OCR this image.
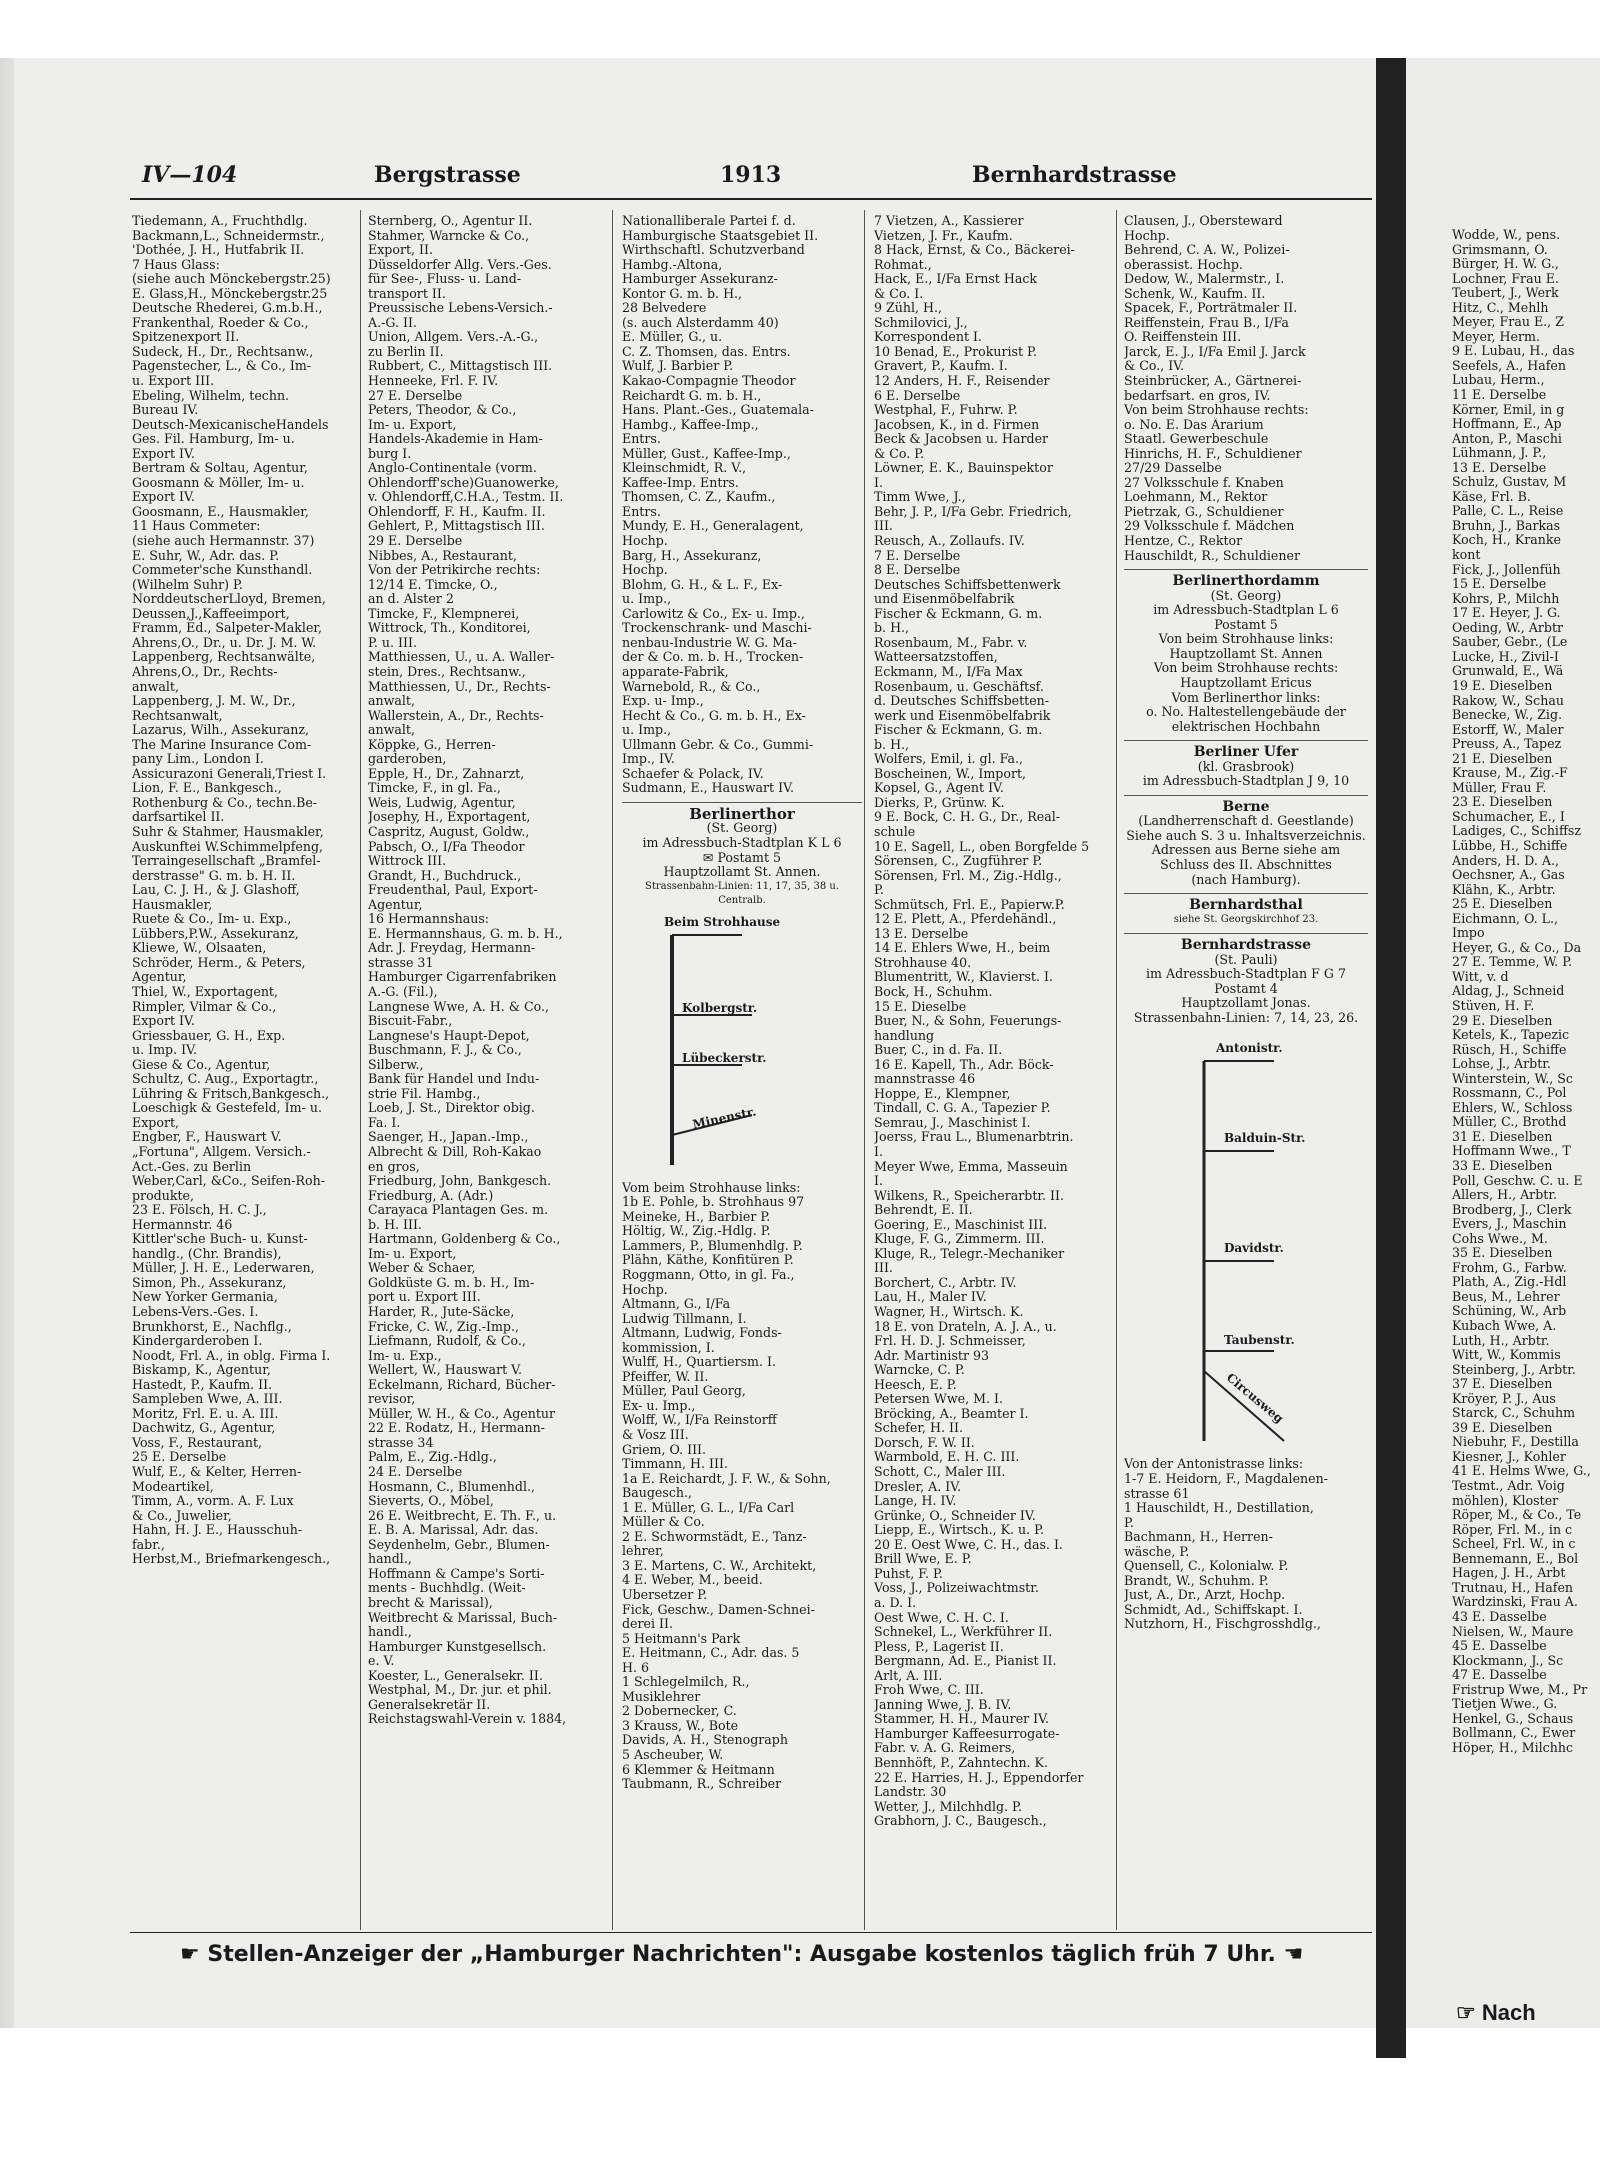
Wodde, W., pens.
Grimsmann, O.
Bürger, H. W. G.,
Lochner, Frau E.
Teubert, J., Werk
Hitz, C., Mehlh
Meyer, Frau E., Z
Meyer, Herm.
9 E. Lubau, H., das
Seefels, A., Hafen
Lubau, Herm.,
11 E. Derselbe
Körner, Emil, in g
Hoffmann, E., Ap
Anton, P., Maschi
Lühmann, J. P.,
13 E. Derselbe
Schulz, Gustav, M
Käse, Frl. B.
Palle, C. L., Reise
Bruhn, J., Barkas
Koch, H., Kranke
kont
Fick, J., Jollenfüh
15 E. Derselbe
Kohrs, P., Milchh
17 E. Heyer, J. G.
Oeding, W., Arbtr
Sauber, Gebr., (Le
Lucke, H., Zivil-I
Grunwald, E., Wä
19 E. Dieselben
Rakow, W., Schau
Benecke, W., Zig.
Estorff, W., Maler
Preuss, A., Tapez
21 E. Dieselben
Krause, M., Zig.-F
Müller, Frau F.
23 E. Dieselben
Schumacher, E., I
Ladiges, C., Schiffsz
Lübbe, H., Schiffe
Anders, H. D. A.,
Oechsner, A., Gas
Klähn, K., Arbtr.
25 E. Dieselben
Eichmann, O. L.,
Impo
Heyer, G., & Co., Da
27 E. Temme, W. P.
Witt, v. d
Aldag, J., Schneid
Stüven, H. F.
29 E. Dieselben
Ketels, K., Tapezic
Rüsch, H., Schiffe
Lohse, J., Arbtr.
Winterstein, W., Sc
Rossmann, C., Pol
Ehlers, W., Schloss
Müller, C., Brothd
31 E. Dieselben
Hoffmann Wwe., T
33 E. Dieselben
Poll, Geschw. C. u. E
Allers, H., Arbtr.
Brodberg, J., Clerk
Evers, J., Maschin
Cohs Wwe., M.
35 E. Dieselben
Frohm, G., Farbw.
Plath, A., Zig.-Hdl
Beus, M., Lehrer
Schüning, W., Arb
Kubach Wwe, A.
Luth, H., Arbtr.
Witt, W., Kommis
Steinberg, J., Arbtr.
37 E. Dieselben
Kröyer, P. J., Aus
Starck, C., Schuhm
39 E. Dieselben
Niebuhr, F., Destilla
Kiesner, J., Kohler
41 E. Helms Wwe, G.,
Testmt., Adr. Voig
möhlen), Kloster
Röper, M., & Co., Te
Röper, Frl. M., in c
Scheel, Frl. W., in c
Bennemann, E., Bol
Hagen, J. H., Arbt
Trutnau, H., Hafen
Wardzinski, Frau A.
43 E. Dasselbe
Nielsen, W., Maure
45 E. Dasselbe
Klockmann, J., Sc
47 E. Dasselbe
Fristrup Wwe, M., Pr
Tietjen Wwe., G.
Henkel, G., Schaus
Bollmann, C., Ewer
Höper, H., Milchhc
☞ Nach
IV—104	Bergstrasse	1913	Bernhardstrasse
Tiedemann, A., Fruchthdlg.
Backmann,L., Schneidermstr.,
'Dothée, J. H., Hutfabrik II.
7 Haus Glass:
(siehe auch Mönckebergstr.25)
E. Glass,H., Mönckebergstr.25
Deutsche Rhederei, G.m.b.H.,
Frankenthal, Roeder & Co.,
Spitzenexport II.
Sudeck, H., Dr., Rechtsanw.,
Pagenstecher, L., & Co., Im-
u. Export III.
Ebeling, Wilhelm, techn.
Bureau IV.
Deutsch-MexicanischeHandels
Ges. Fil. Hamburg, Im- u.
Export IV.
Bertram & Soltau, Agentur,
Goosmann & Möller, Im- u.
Export IV.
Goosmann, E., Hausmakler,
11 Haus Commeter:
(siehe auch Hermannstr. 37)
E. Suhr, W., Adr. das. P.
Commeter'sche Kunsthandl.
(Wilhelm Suhr) P.
NorddeutscherLloyd, Bremen,
Deussen,J.,Kaffeeimport,
Framm, Ed., Salpeter-Makler,
Ahrens,O., Dr., u. Dr. J. M. W.
Lappenberg, Rechtsanwälte,
Ahrens,O., Dr., Rechts-
anwalt,
Lappenberg, J. M. W., Dr.,
Rechtsanwalt,
Lazarus, Wilh., Assekuranz,
The Marine Insurance Com-
pany Lim., London I.
Assicurazoni Generali,Triest I.
Lion, F. E., Bankgesch.,
Rothenburg & Co., techn.Be-
darfsartikel II.
Suhr & Stahmer, Hausmakler,
Auskunftei W.Schimmelpfeng,
Terraingesellschaft „Bramfel-
derstrasse" G. m. b. H. II.
Lau, C. J. H., & J. Glashoff,
Hausmakler,
Ruete & Co., Im- u. Exp.,
Lübbers,P.W., Assekuranz,
Kliewe, W., Ölsaaten,
Schröder, Herm., & Peters,
Agentur,
Thiel, W., Exportagent,
Rimpler, Vilmar & Co.,
Export IV.
Griessbauer, G. H., Exp.
u. Imp. IV.
Giese & Co., Agentur,
Schultz, C. Aug., Exportagtr.,
Lühring & Fritsch,Bankgesch.,
Loeschigk & Gestefeld, Im- u.
Export,
Engber, F., Hauswart V.
„Fortuna", Allgem. Versich.-
Act.-Ges. zu Berlin
Weber,Carl, &Co., Seifen-Roh-
produkte,
23 E. Fölsch, H. C. J.,
Hermannstr. 46
Kittler'sche Buch- u. Kunst-
handlg., (Chr. Brandis),
Müller, J. H. E., Lederwaren,
Simon, Ph., Assekuranz,
New Yorker Germania,
Lebens-Vers.-Ges. I.
Brunkhorst, E., Nachflg.,
Kindergarderoben I.
Noodt, Frl. A., in oblg. Firma I.
Biskamp, K., Agentur,
Hastedt, P., Kaufm. II.
Sampleben Wwe, A. III.
Moritz, Frl. E. u. A. III.
Dachwitz, G., Agentur,
Voss, F., Restaurant,
25 E. Derselbe
Wulf, E., & Kelter, Herren-
Modeartikel,
Timm, A., vorm. A. F. Lux
& Co., Juwelier,
Hahn, H. J. E., Hausschuh-
fabr.,
Herbst,M., Briefmarkengesch.,
Sternberg, O., Agentur II.
Stahmer, Warncke & Co.,
Export, II.
Düsseldorfer Allg. Vers.-Ges.
für See-, Fluss- u. Land-
transport II.
Preussische Lebens-Versich.-
A.-G. II.
Union, Allgem. Vers.-A.-G.,
zu Berlin II.
Rubbert, C., Mittagstisch III.
Henneeke, Frl. F. IV.
27 E. Derselbe
Peters, Theodor, & Co.,
Im- u. Export,
Handels-Akademie in Ham-
burg I.
Anglo-Continentale (vorm.
Ohlendorff'sche)Guanowerke,
v. Ohlendorff,C.H.A., Testm. II.
Ohlendorff, F. H., Kaufm. II.
Gehlert, P., Mittagstisch III.
29 E. Derselbe
Nibbes, A., Restaurant,
Von der Petrikirche rechts:
12/14 E. Timcke, O.,
an d. Alster 2
Timcke, F., Klempnerei,
Wittrock, Th., Konditorei,
P. u. III.
Matthiessen, U., u. A. Waller-
stein, Dres., Rechtsanw.,
Matthiessen, U., Dr., Rechts-
anwalt,
Wallerstein, A., Dr., Rechts-
anwalt,
Köppke, G., Herren-
garderoben,
Epple, H., Dr., Zahnarzt,
Timcke, F., in gl. Fa.,
Weis, Ludwig, Agentur,
Josephy, H., Exportagent,
Caspritz, August, Goldw.,
Pabsch, O., I/Fa Theodor
Wittrock III.
Grandt, H., Buchdruck.,
Freudenthal, Paul, Export-
Agentur,
16 Hermannshaus:
E. Hermannshaus, G. m. b. H.,
Adr. J. Freydag, Hermann-
strasse 31
Hamburger Cigarrenfabriken
A.-G. (Fil.),
Langnese Wwe, A. H. & Co.,
Biscuit-Fabr.,
Langnese's Haupt-Depot,
Buschmann, F. J., & Co.,
Silberw.,
Bank für Handel und Indu-
strie Fil. Hambg.,
Loeb, J. St., Direktor obig.
Fa. I.
Saenger, H., Japan.-Imp.,
Albrecht & Dill, Roh-Kakao
en gros,
Friedburg, John, Bankgesch.
Friedburg, A. (Adr.)
Carayaca Plantagen Ges. m.
b. H. III.
Hartmann, Goldenberg & Co.,
Im- u. Export,
Weber & Schaer,
Goldküste G. m. b. H., Im-
port u. Export III.
Harder, R., Jute-Säcke,
Fricke, C. W., Zig.-Imp.,
Liefmann, Rudolf, & Co.,
Im- u. Exp.,
Wellert, W., Hauswart V.
Eckelmann, Richard, Bücher-
revisor,
Müller, W. H., & Co., Agentur
22 E. Rodatz, H., Hermann-
strasse 34
Palm, E., Zig.-Hdlg.,
24 E. Derselbe
Hosmann, C., Blumenhdl.,
Sieverts, O., Möbel,
26 E. Weitbrecht, E. Th. F., u.
E. B. A. Marissal, Adr. das.
Seydenhelm, Gebr., Blumen-
handl.,
Hoffmann & Campe's Sorti-
ments - Buchhdlg. (Weit-
brecht & Marissal),
Weitbrecht & Marissal, Buch-
handl.,
Hamburger Kunstgesellsch.
e. V.
Koester, L., Generalsekr. II.
Westphal, M., Dr. jur. et phil.
Generalsekretär II.
Reichstagswahl-Verein v. 1884,
Nationalliberale Partei f. d.
Hamburgische Staatsgebiet II.
Wirthschaftl. Schutzverband
Hambg.-Altona,
Hamburger Assekuranz-
Kontor G. m. b. H.,
28 Belvedere
(s. auch Alsterdamm 40)
E. Müller, G., u.
C. Z. Thomsen, das. Entrs.
Wulf, J. Barbier P.
Kakao-Compagnie Theodor
Reichardt G. m. b. H.,
Hans. Plant.-Ges., Guatemala-
Hambg., Kaffee-Imp.,
Entrs.
Müller, Gust., Kaffee-Imp.,
Kleinschmidt, R. V.,
Kaffee-Imp. Entrs.
Thomsen, C. Z., Kaufm.,
Entrs.
Mundy, E. H., Generalagent,
Hochp.
Barg, H., Assekuranz,
Hochp.
Blohm, G. H., & L. F., Ex-
u. Imp.,
Carlowitz & Co., Ex- u. Imp.,
Trockenschrank- und Maschi-
nenbau-Industrie W. G. Ma-
der & Co. m. b. H., Trocken-
apparate-Fabrik,
Warnebold, R., & Co.,
Exp. u- Imp.,
Hecht & Co., G. m. b. H., Ex-
u. Imp.,
Ullmann Gebr. & Co., Gummi-
Imp., IV.
Schaefer & Polack, IV.
Sudmann, E., Hauswart IV.
Berlinerthor
(St. Georg)
im Adressbuch-Stadtplan K L 6
✉ Postamt 5
Hauptzollamt St. Annen.
Strassenbahn-Linien: 11, 17, 35, 38 u. Centralb.
Beim Strohhause
Kolbergstr.
Lübeckerstr.
Minenstr.
Vom beim Strohhause links:
1b E. Pohle, b. Strohhaus 97
Meineke, H., Barbier P.
Höltig, W., Zig.-Hdlg. P.
Lammers, P., Blumenhdlg. P.
Plähn, Käthe, Konfitüren P.
Roggmann, Otto, in gl. Fa.,
Hochp.
Altmann, G., I/Fa
Ludwig Tillmann, I.
Altmann, Ludwig, Fonds-
kommission, I.
Wulff, H., Quartiersm. I.
Pfeiffer, W. II.
Müller, Paul Georg,
Ex- u. Imp.,
Wolff, W., I/Fa Reinstorff
& Vosz III.
Griem, O. III.
Timmann, H. III.
1a E. Reichardt, J. F. W., & Sohn,
Baugesch.,
1 E. Müller, G. L., I/Fa Carl
Müller & Co.
2 E. Schwormstädt, E., Tanz-
lehrer,
3 E. Martens, C. W., Architekt,
4 E. Weber, M., beeid.
Übersetzer P.
Fick, Geschw., Damen-Schnei-
derei II.
5 Heitmann's Park
E. Heitmann, C., Adr. das. 5
H. 6
1 Schlegelmilch, R.,
Musiklehrer
2 Dobernecker, C.
3 Krauss, W., Bote
Davids, A. H., Stenograph
5 Ascheuber, W.
6 Klemmer & Heitmann
Taubmann, R., Schreiber
7 Vietzen, A., Kassierer
Vietzen, J. Fr., Kaufm.
8 Hack, Ernst, & Co., Bäckerei-
Rohmat.,
Hack, E., I/Fa Ernst Hack
& Co. I.
9 Zühl, H.,
Schmilovici, J.,
Korrespondent I.
10 Benad, E., Prokurist P.
Gravert, P., Kaufm. I.
12 Anders, H. F., Reisender
6 E. Derselbe
Westphal, F., Fuhrw. P.
Jacobsen, K., in d. Firmen
Beck & Jacobsen u. Harder
& Co. P.
Löwner, E. K., Bauinspektor
I.
Timm Wwe, J.,
Behr, J. P., I/Fa Gebr. Friedrich,
III.
Reusch, A., Zollaufs. IV.
7 E. Derselbe
8 E. Derselbe
Deutsches Schiffsbettenwerk
und Eisenmöbelfabrik
Fischer & Eckmann, G. m.
b. H.,
Rosenbaum, M., Fabr. v.
Watteersatzstoffen,
Eckmann, M., I/Fa Max
Rosenbaum, u. Geschäftsf.
d. Deutsches Schiffsbetten-
werk und Eisenmöbelfabrik
Fischer & Eckmann, G. m.
b. H.,
Wolfers, Emil, i. gl. Fa.,
Boscheinen, W., Import,
Kopsel, G., Agent IV.
Dierks, P., Grünw. K.
9 E. Bock, C. H. G., Dr., Real-
schule
10 E. Sagell, L., oben Borgfelde 5
Sörensen, C., Zugführer P.
Sörensen, Frl. M., Zig.-Hdlg.,
P.
Schmütsch, Frl. E., Papierw.P.
12 E. Plett, A., Pferdehändl.,
13 E. Derselbe
14 E. Ehlers Wwe, H., beim
Strohhause 40.
Blumentritt, W., Klavierst. I.
Bock, H., Schuhm.
15 E. Dieselbe
Buer, N., & Sohn, Feuerungs-
handlung
Buer, C., in d. Fa. II.
16 E. Kapell, Th., Adr. Böck-
mannstrasse 46
Hoppe, E., Klempner,
Tindall, C. G. A., Tapezier P.
Semrau, J., Maschinist I.
Joerss, Frau L., Blumenarbtrin.
I.
Meyer Wwe, Emma, Masseuin
I.
Wilkens, R., Speicherarbtr. II.
Behrendt, E. II.
Goering, E., Maschinist III.
Kluge, F. G., Zimmerm. III.
Kluge, R., Telegr.-Mechaniker
III.
Borchert, C., Arbtr. IV.
Lau, H., Maler IV.
Wagner, H., Wirtsch. K.
18 E. von Drateln, A. J. A., u.
Frl. H. D. J. Schmeisser,
Adr. Martinistr 93
Warncke, C. P.
Heesch, E. P.
Petersen Wwe, M. I.
Bröcking, A., Beamter I.
Schefer, H. II.
Dorsch, F. W. II.
Warmbold, E. H. C. III.
Schott, C., Maler III.
Dresler, A. IV.
Lange, H. IV.
Grünke, O., Schneider IV.
Liepp, E., Wirtsch., K. u. P.
20 E. Oest Wwe, C. H., das. I.
Brill Wwe, E. P.
Puhst, F. P.
Voss, J., Polizeiwachtmstr.
a. D. I.
Oest Wwe, C. H. C. I.
Schnekel, L., Werkführer II.
Pless, P., Lagerist II.
Bergmann, Ad. E., Pianist II.
Arlt, A. III.
Froh Wwe, C. III.
Janning Wwe, J. B. IV.
Stammer, H. H., Maurer IV.
Hamburger Kaffeesurrogate-
Fabr. v. A. G. Reimers,
Bennhöft, P., Zahntechn. K.
22 E. Harries, H. J., Eppendorfer
Landstr. 30
Wetter, J., Milchhdlg. P.
Grabhorn, J. C., Baugesch.,
Clausen, J., Obersteward
Hochp.
Behrend, C. A. W., Polizei-
oberassist. Hochp.
Dedow, W., Malermstr., I.
Schenk, W., Kaufm. II.
Spacek, F., Porträtmaler II.
Reiffenstein, Frau B., I/Fa
O. Reiffenstein III.
Jarck, E. J., I/Fa Emil J. Jarck
& Co., IV.
Steinbrücker, A., Gärtnerei-
bedarfsart. en gros, IV.
Von beim Strohhause rechts:
o. No. E. Das Ärarium
Staatl. Gewerbeschule
Hinrichs, H. F., Schuldiener
27/29 Dasselbe
27 Volksschule f. Knaben
Loehmann, M., Rektor
Pietrzak, G., Schuldiener
29 Volksschule f. Mädchen
Hentze, C., Rektor
Hauschildt, R., Schuldiener
Berlinerthordamm
(St. Georg)
im Adressbuch-Stadtplan L 6
Postamt 5
Von beim Strohhause links:
Hauptzollamt St. Annen
Von beim Strohhause rechts:
Hauptzollamt Ericus
Vom Berlinerthor links:
o. No. Haltestellengebäude der
elektrischen Hochbahn
Berliner Ufer
(kl. Grasbrook)
im Adressbuch-Stadtplan J 9, 10
Berne
(Landherrenschaft d. Geestlande)
Siehe auch S. 3 u. Inhaltsverzeichnis.
Adressen aus Berne siehe am
Schluss des II. Abschnittes
(nach Hamburg).
Bernhardsthal
siehe St. Georgskirchhof 23.
Bernhardstrasse
(St. Pauli)
im Adressbuch-Stadtplan F G 7
Postamt 4
Hauptzollamt Jonas.
Strassenbahn-Linien: 7, 14, 23, 26.
Antonistr.
Balduin-Str.
Davidstr.
Taubenstr.
Circusweg
Von der Antonistrasse links:
1-7 E. Heidorn, F., Magdalenen-
strasse 61
1 Hauschildt, H., Destillation,
P.
Bachmann, H., Herren-
wäsche, P.
Quensell, C., Kolonialw. P.
Brandt, W., Schuhm. P.
Just, A., Dr., Arzt, Hochp.
Schmidt, Ad., Schiffskapt. I.
Nutzhorn, H., Fischgrosshdlg.,
☛ Stellen-Anzeiger der „Hamburger Nachrichten": Ausgabe kostenlos täglich früh 7 Uhr.
